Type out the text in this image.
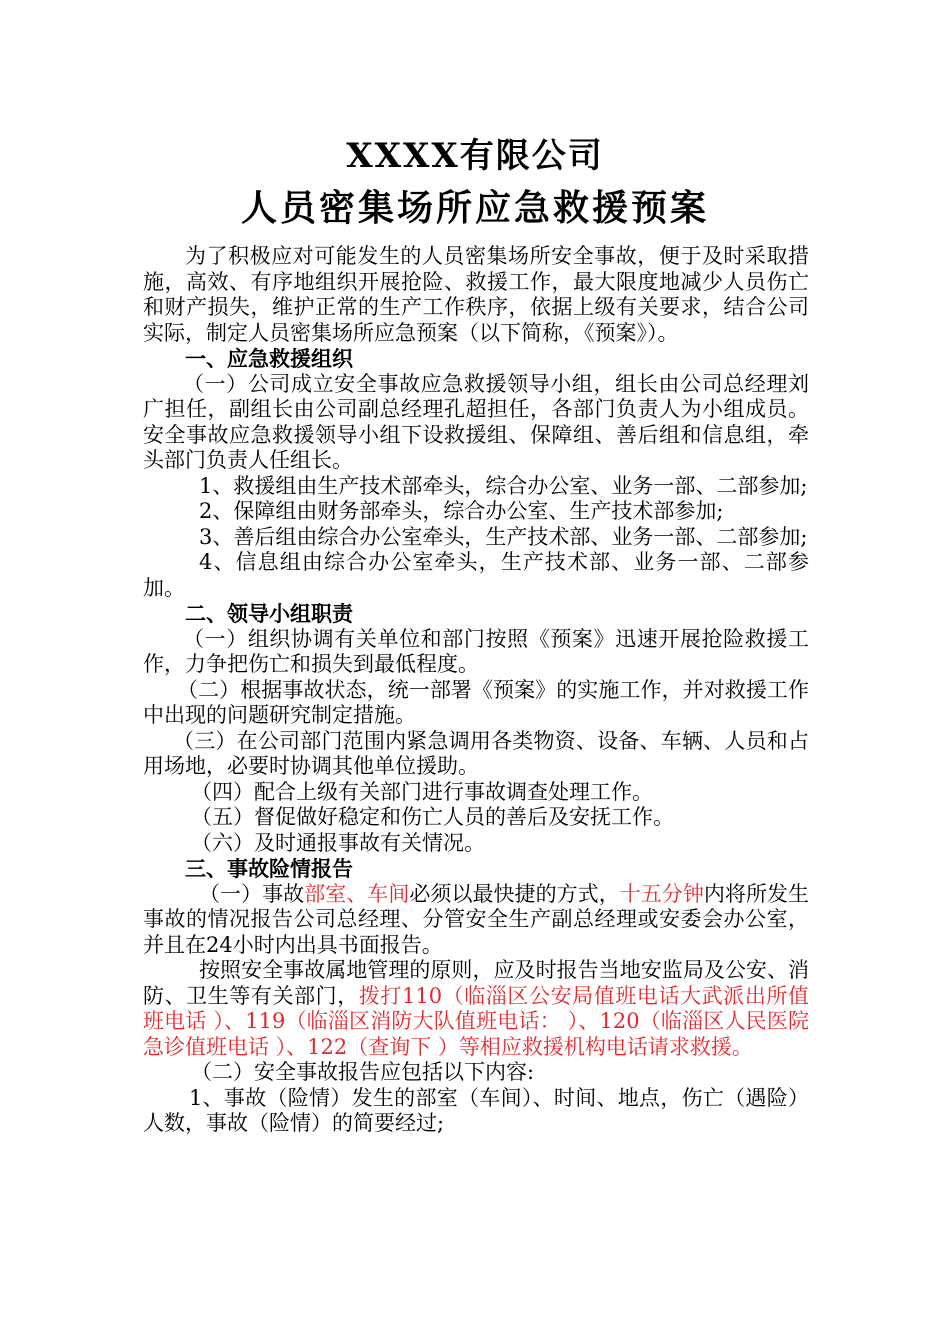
XXXX有限公司
人员密集场所应急救援预案

为了积极应对可能发生的人员密集场所安全事故，便于及时采取措施，高效、有序地组织开展抢险、救援工作，最大限度地减少人员伤亡和财产损失，维护正常的生产工作秩序，依据上级有关要求，结合公司实际，制定人员密集场所应急预案（以下简称，《预案》）。

一、应急救援组织

（一）公司成立安全事故应急救援领导小组，组长由公司总经理刘广担任，副组长由公司副总经理孔超担任，各部门负责人为小组成员。安全事故应急救援领导小组下设救援组、保障组、善后组和信息组，牵头部门负责人任组长。

1、救援组由生产技术部牵头，综合办公室、业务一部、二部参加;

2、保障组由财务部牵头，综合办公室、生产技术部参加;

3、善后组由综合办公室牵头，生产技术部、业务一部、二部参加;

4、信息组由综合办公室牵头，生产技术部、业务一部、二部参加。

二、领导小组职责

（一）组织协调有关单位和部门按照《预案》迅速开展抢险救援工作，力争把伤亡和损失到最低程度。

（二）根据事故状态，统一部署《预案》的实施工作，并对救援工作中出现的问题研究制定措施。

（三）在公司部门范围内紧急调用各类物资、设备、车辆、人员和占用场地，必要时协调其他单位援助。

（四）配合上级有关部门进行事故调查处理工作。

（五）督促做好稳定和伤亡人员的善后及安抚工作。

（六）及时通报事故有关情况。

三、事故险情报告

（一）事故部室、车间必须以最快捷的方式，十五分钟内将所发生事故的情况报告公司总经理、分管安全生产副总经理或安委会办公室，并且在24小时内出具书面报告。

按照安全事故属地管理的原则，应及时报告当地安监局及公安、消防、卫生等有关部门，拨打110（临淄区公安局值班电话大武派出所值班电话 ）、119（临淄区消防大队值班电话： ）、120（临淄区人民医院急诊值班电话 ）、122（查询下 ）等相应救援机构电话请求救援。

（二）安全事故报告应包括以下内容:

1、事故（险情）发生的部室（车间）、时间、地点，伤亡（遇险）人数，事故（险情）的简要经过;
